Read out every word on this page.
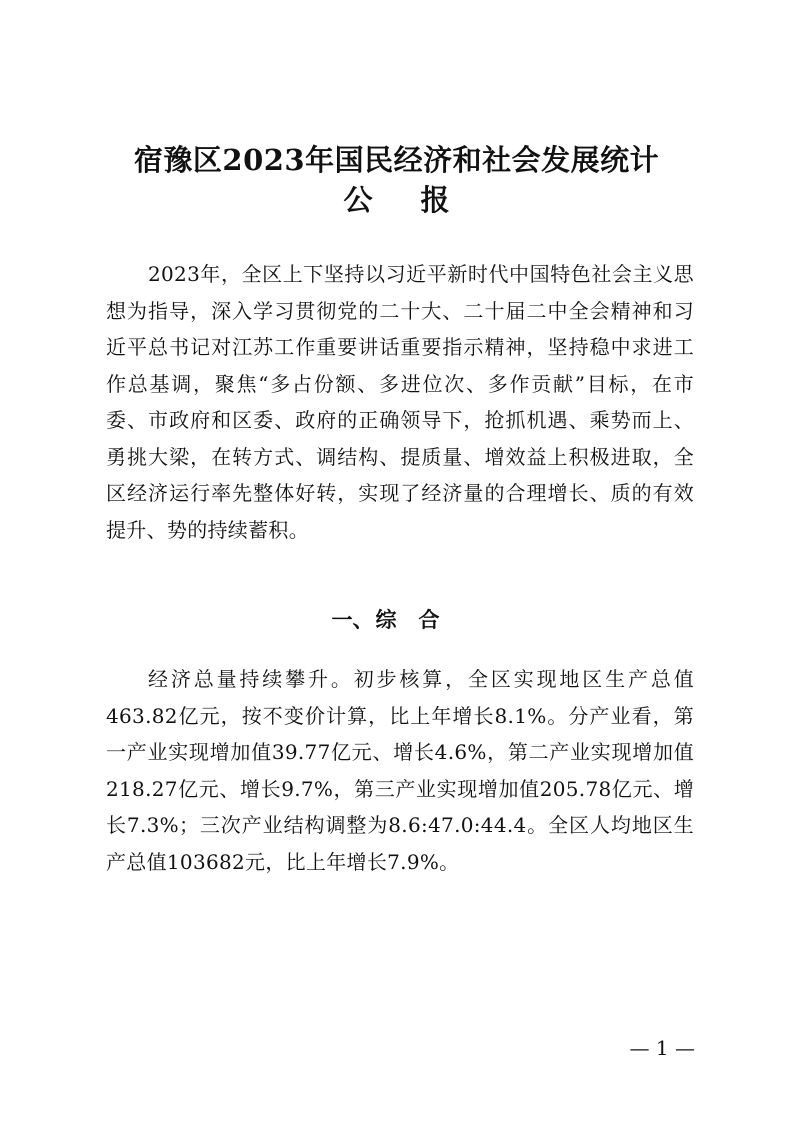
宿豫区2023年国民经济和社会发展统计
公报

2023年，全区上下坚持以习近平新时代中国特色社会主义思想为指导，深入学习贯彻党的二十大、二十届二中全会精神和习近平总书记对江苏工作重要讲话重要指示精神，坚持稳中求进工作总基调，聚焦“多占份额、多进位次、多作贡献”目标，在市委、市政府和区委、政府的正确领导下，抢抓机遇、乘势而上、勇挑大梁，在转方式、调结构、提质量、增效益上积极进取，全区经济运行率先整体好转，实现了经济量的合理增长、质的有效提升、势的持续蓄积。

一、综合

经济总量持续攀升。初步核算，全区实现地区生产总值463.82亿元，按不变价计算，比上年增长8.1%。分产业看，第一产业实现增加值39.77亿元、增长4.6%，第二产业实现增加值218.27亿元、增长9.7%，第三产业实现增加值205.78亿元、增长7.3%；三次产业结构调整为8.6:47.0:44.4。全区人均地区生产总值103682元，比上年增长7.9%。

— 1 —
